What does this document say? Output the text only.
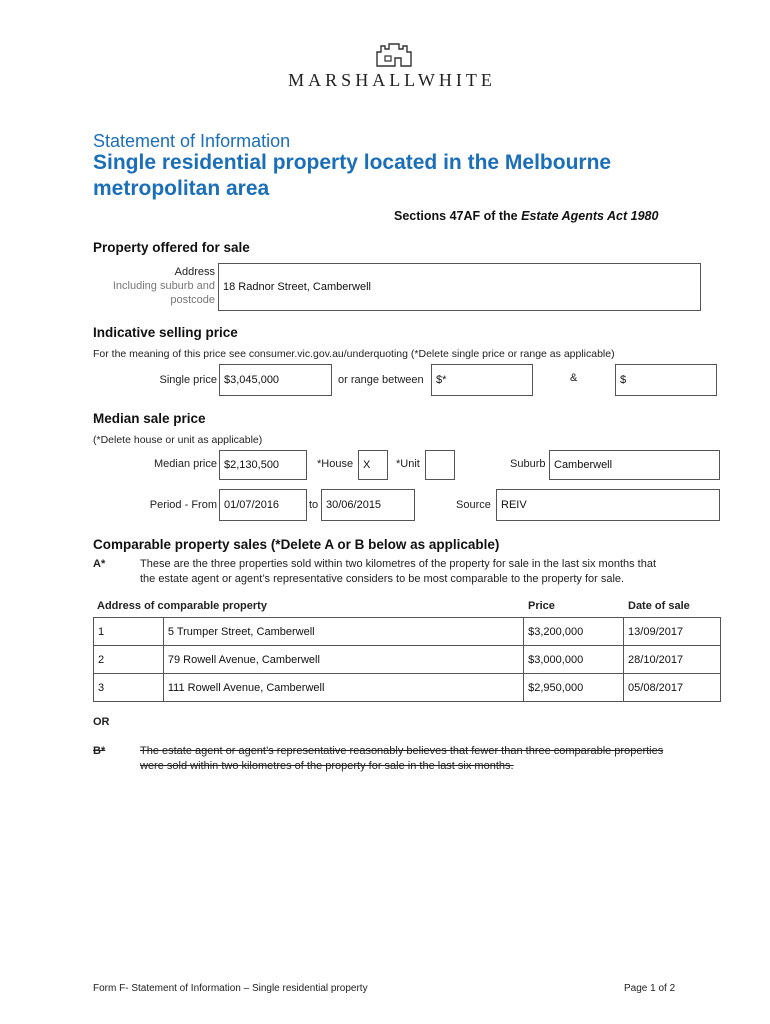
MARSHALLWHITE
Statement of Information
Single residential property located in the Melbourne
metropolitan area
Sections 47AF of the Estate Agents Act 1980
Property offered for sale
Address
Including suburb and
postcode
18 Radnor Street, Camberwell
Indicative selling price
For the meaning of this price see consumer.vic.gov.au/underquoting (*Delete single price or range as applicable)
Single price $3,045,000	or range between	$*	&	$
Median sale price
(*Delete house or unit as applicable)
Median price $2,130,500	*House X	*Unit	Suburb Camberwell
Period - From 01/07/2016	to 30/06/2015	Source REIV
Comparable property sales (*Delete A or B below as applicable)
A*	These are the three properties sold within two kilometres of the property for sale in the last six months that
the estate agent or agent’s representative considers to be most comparable to the property for sale.
Address of comparable property	Price	Date of sale
1	5 Trumper Street, Camberwell	$3,200,000	13/09/2017
2	79 Rowell Avenue, Camberwell	$3,000,000	28/10/2017
3	111 Rowell Avenue, Camberwell	$2,950,000	05/08/2017
OR
B*	The estate agent or agent’s representative reasonably believes that fewer than three comparable properties
were sold within two kilometres of the property for sale in the last six months.
Form F- Statement of Information – Single residential property	Page 1 of 2
